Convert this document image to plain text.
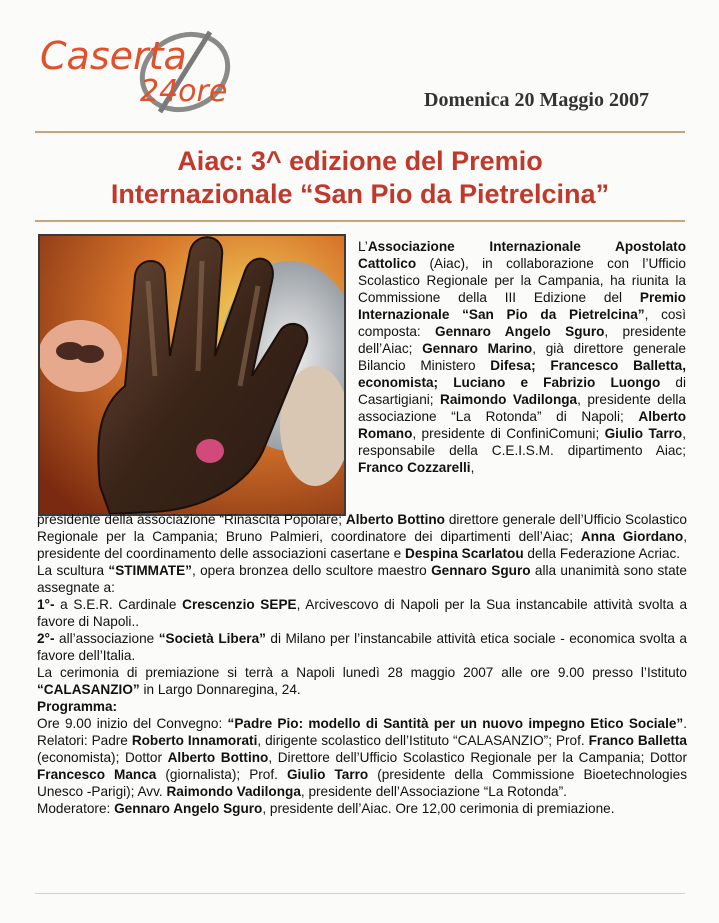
Caserta
24ore	Domenica 20 Maggio 2007
Aiac: 3^ edizione del Premio
Internazionale “San Pio da Pietrelcina”

L’Associazione Internazionale Apostolato Cattolico (Aiac), in collaborazione con l’Ufficio Scolastico Regionale per la Campania, ha riunita la Commissione della III Edizione del Premio Internazionale “San Pio da Pietrelcina”, così composta: Gennaro Angelo Sguro, presidente dell’Aiac; Gennaro Marino, già direttore generale Bilancio Ministero Difesa; Francesco Balletta, economista; Luciano e Fabrizio Luongo di Casartigiani; Raimondo Vadilonga, presidente della associazione “La Rotonda” di Napoli; Alberto Romano, presidente di ConfiniComuni; Giulio Tarro, responsabile della C.E.I.S.M. dipartimento Aiac; Franco Cozzarelli,

presidente della associazione “Rinascita Popolare; Alberto Bottino direttore generale dell’Ufficio Scolastico Regionale per la Campania; Bruno Palmieri, coordinatore dei dipartimenti dell’Aiac; Anna Giordano, presidente del coordinamento delle associazioni casertane e Despina Scarlatou della Federazione Acriac.

La scultura “STIMMATE”, opera bronzea dello scultore maestro Gennaro Sguro alla unanimità sono state assegnate a:

1°- a S.E.R. Cardinale Crescenzio SEPE, Arcivescovo di Napoli per la Sua instancabile attività svolta a favore di Napoli..

2°- all’associazione “Società Libera” di Milano per l’instancabile attività etica sociale - economica svolta a favore dell’Italia.

La cerimonia di premiazione si terrà a Napoli lunedì 28 maggio 2007 alle ore 9.00 presso l’Istituto “CALASANZIO” in Largo Donnaregina, 24.

Programma:

Ore 9.00 inizio del Convegno: “Padre Pio: modello di Santità per un nuovo impegno Etico Sociale”. Relatori: Padre Roberto Innamorati, dirigente scolastico dell’Istituto “CALASANZIO”; Prof. Franco Balletta (economista); Dottor Alberto Bottino, Direttore dell’Ufficio Scolastico Regionale per la Campania; Dottor Francesco Manca (giornalista); Prof. Giulio Tarro (presidente della Commissione Bioetechnologies Unesco -Parigi); Avv. Raimondo Vadilonga, presidente dell’Associazione “La Rotonda”.

Moderatore: Gennaro Angelo Sguro, presidente dell’Aiac. Ore 12,00 cerimonia di premiazione.
